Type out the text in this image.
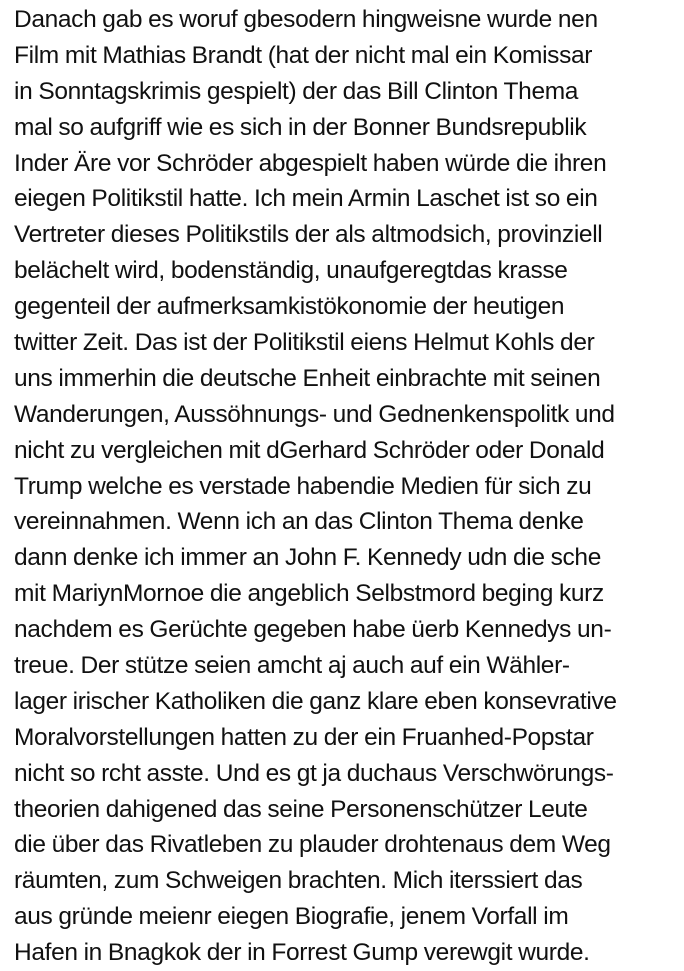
Danach gab es woruf gbesodern hingweisne wurde nen
Film mit Mathias Brandt (hat der nicht mal ein Komissar
in Sonntagskrimis gespielt) der das Bill Clinton Thema
mal so aufgriff wie es sich in der Bonner Bundsrepublik
Inder Äre vor Schröder abgespielt haben würde die ihren
eiegen Politikstil hatte. Ich mein Armin Laschet ist so ein
Vertreter dieses Politikstils der als altmodsich, provinziell
belächelt wird, bodenständig, unaufgeregtdas krasse
gegenteil der aufmerksamkistökonomie der heutigen
twitter Zeit. Das ist der Politikstil eiens Helmut Kohls der
uns immerhin die deutsche Enheit einbrachte mit seinen
Wanderungen, Aussöhnungs- und Gednenkenspolitk und
nicht zu vergleichen mit dGerhard Schröder oder Donald
Trump welche es verstade habendie Medien für sich zu
vereinnahmen. Wenn ich an das Clinton Thema denke
dann denke ich immer an John F. Kennedy udn die sche
mit MariynMornoe die angeblich Selbstmord beging kurz
nachdem es Gerüchte gegeben habe üerb Kennedys un-
treue. Der stütze seien amcht aj auch auf ein Wähler-
lager irischer Katholiken die ganz klare eben konsevrative
Moralvorstellungen hatten zu der ein Fruanhed-Popstar
nicht so rcht asste. Und es gt ja duchaus Verschwörungs-
theorien dahigened das seine Personenschützer Leute
die über das Rivatleben zu plauder drohtenaus dem Weg
räumten, zum Schweigen brachten. Mich iterssiert das
aus gründe meienr eiegen Biografie, jenem Vorfall im
Hafen in Bnagkok der in Forrest Gump verewgit wurde.
